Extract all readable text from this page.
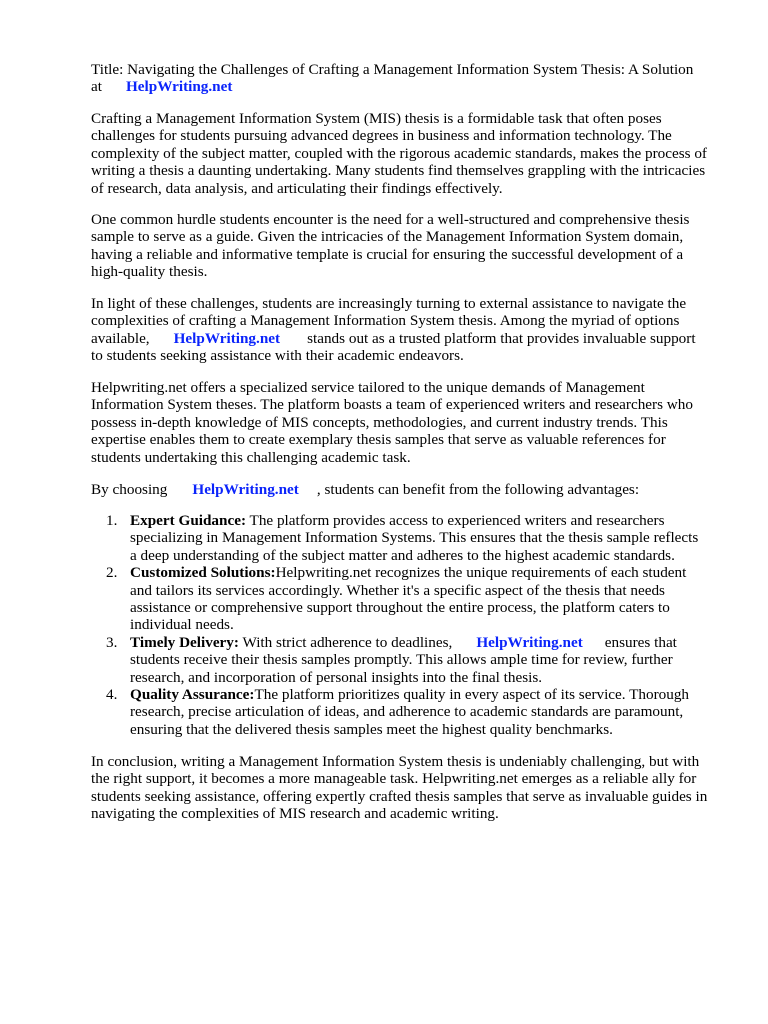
Title: Navigating the Challenges of Crafting a Management Information System Thesis: A Solution
at HelpWriting.net
Crafting a Management Information System (MIS) thesis is a formidable task that often poses
challenges for students pursuing advanced degrees in business and information technology. The
complexity of the subject matter, coupled with the rigorous academic standards, makes the process of
writing a thesis a daunting undertaking. Many students find themselves grappling with the intricacies
of research, data analysis, and articulating their findings effectively.
One common hurdle students encounter is the need for a well-structured and comprehensive thesis
sample to serve as a guide. Given the intricacies of the Management Information System domain,
having a reliable and informative template is crucial for ensuring the successful development of a
high-quality thesis.
In light of these challenges, students are increasingly turning to external assistance to navigate the
complexities of crafting a Management Information System thesis. Among the myriad of options
available, HelpWriting.net stands out as a trusted platform that provides invaluable support
to students seeking assistance with their academic endeavors.
Helpwriting.net offers a specialized service tailored to the unique demands of Management
Information System theses. The platform boasts a team of experienced writers and researchers who
possess in-depth knowledge of MIS concepts, methodologies, and current industry trends. This
expertise enables them to create exemplary thesis samples that serve as valuable references for
students undertaking this challenging academic task.
By choosing HelpWriting.net , students can benefit from the following advantages:
1. Expert Guidance: The platform provides access to experienced writers and researchers
specializing in Management Information Systems. This ensures that the thesis sample reflects
a deep understanding of the subject matter and adheres to the highest academic standards.
2. Customized Solutions:Helpwriting.net recognizes the unique requirements of each student
and tailors its services accordingly. Whether it's a specific aspect of the thesis that needs
assistance or comprehensive support throughout the entire process, the platform caters to
individual needs.
3. Timely Delivery: With strict adherence to deadlines, HelpWriting.net ensures that
students receive their thesis samples promptly. This allows ample time for review, further
research, and incorporation of personal insights into the final thesis.
4. Quality Assurance:The platform prioritizes quality in every aspect of its service. Thorough
research, precise articulation of ideas, and adherence to academic standards are paramount,
ensuring that the delivered thesis samples meet the highest quality benchmarks.
In conclusion, writing a Management Information System thesis is undeniably challenging, but with
the right support, it becomes a more manageable task. Helpwriting.net emerges as a reliable ally for
students seeking assistance, offering expertly crafted thesis samples that serve as invaluable guides in
navigating the complexities of MIS research and academic writing.
